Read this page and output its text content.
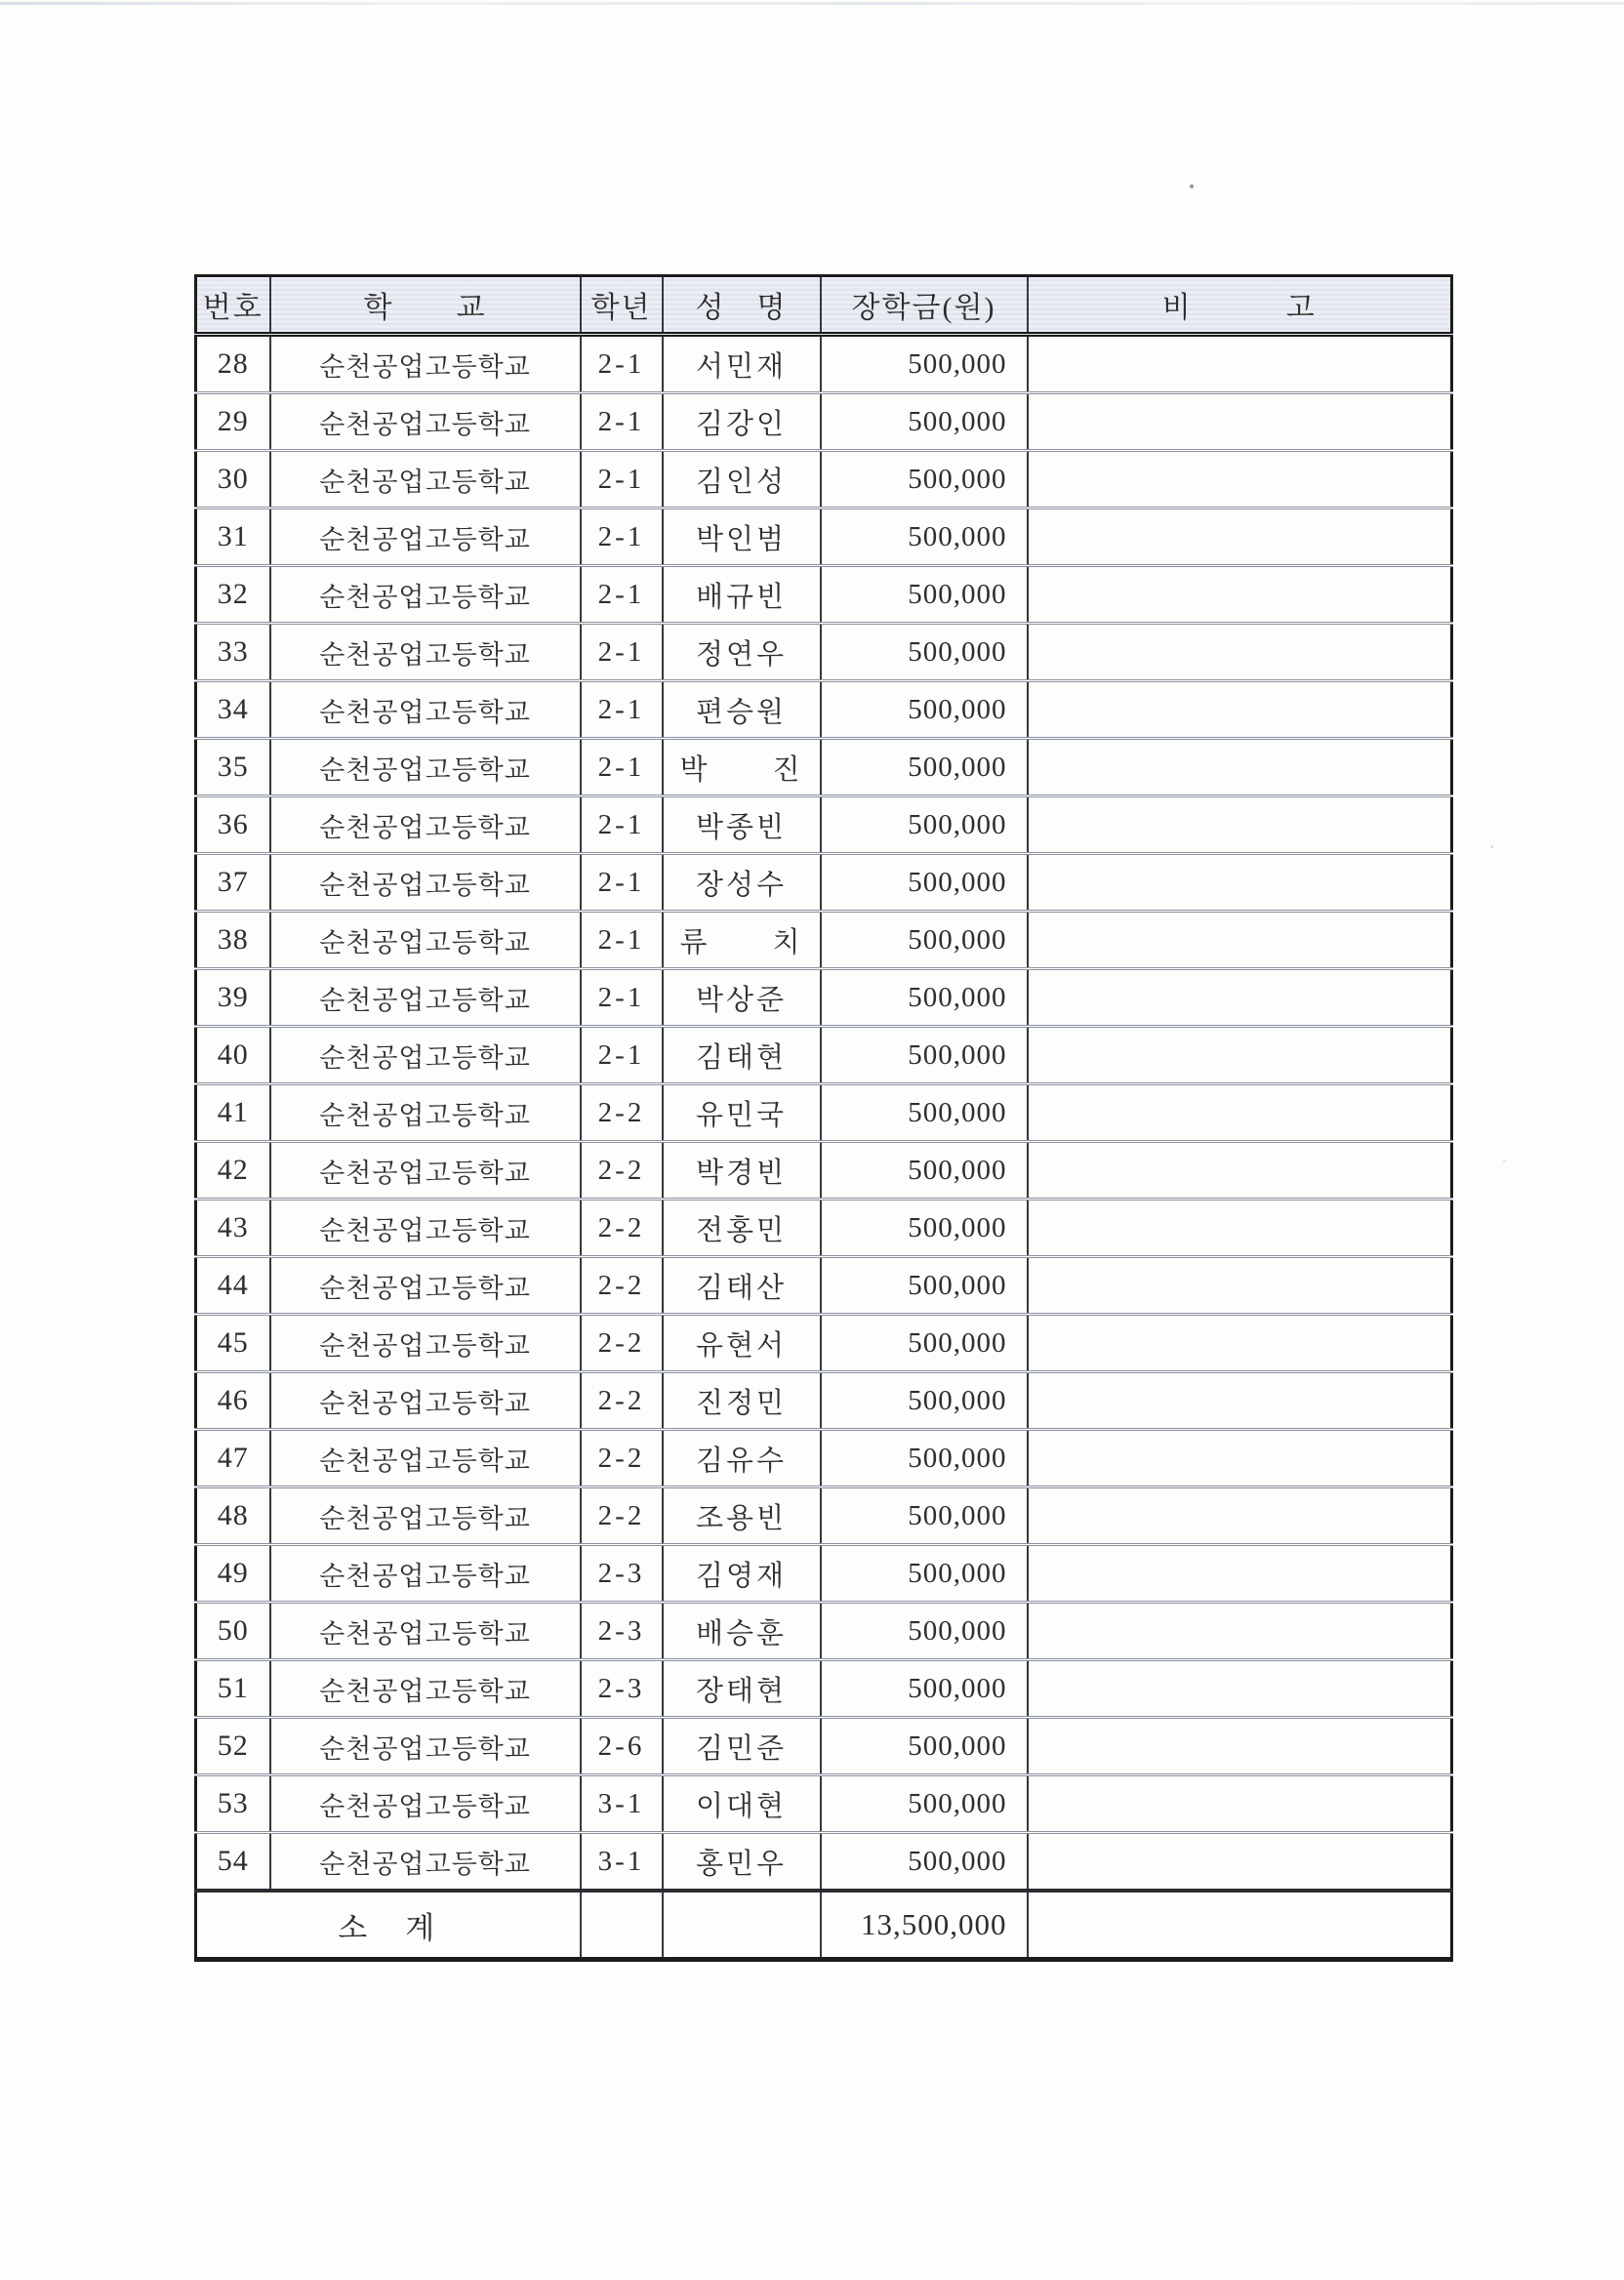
번호	학　　교	학년	성　명	장학금(원)	비　　　고
28	순천공업고등학교	2-1	서민재	500,000	
29	순천공업고등학교	2-1	김강인	500,000	
30	순천공업고등학교	2-1	김인성	500,000	
31	순천공업고등학교	2-1	박인범	500,000	
32	순천공업고등학교	2-1	배규빈	500,000	
33	순천공업고등학교	2-1	정연우	500,000	
34	순천공업고등학교	2-1	편승원	500,000	
35	순천공업고등학교	2-1	박　　진	500,000	
36	순천공업고등학교	2-1	박종빈	500,000	
37	순천공업고등학교	2-1	장성수	500,000	
38	순천공업고등학교	2-1	류　　치	500,000	
39	순천공업고등학교	2-1	박상준	500,000	
40	순천공업고등학교	2-1	김태현	500,000	
41	순천공업고등학교	2-2	유민국	500,000	
42	순천공업고등학교	2-2	박경빈	500,000	
43	순천공업고등학교	2-2	전홍민	500,000	
44	순천공업고등학교	2-2	김태산	500,000	
45	순천공업고등학교	2-2	유현서	500,000	
46	순천공업고등학교	2-2	진정민	500,000	
47	순천공업고등학교	2-2	김유수	500,000	
48	순천공업고등학교	2-2	조용빈	500,000	
49	순천공업고등학교	2-3	김영재	500,000	
50	순천공업고등학교	2-3	배승훈	500,000	
51	순천공업고등학교	2-3	장태현	500,000	
52	순천공업고등학교	2-6	김민준	500,000	
53	순천공업고등학교	3-1	이대현	500,000	
54	순천공업고등학교	3-1	홍민우	500,000	
소　계				13,500,000	
